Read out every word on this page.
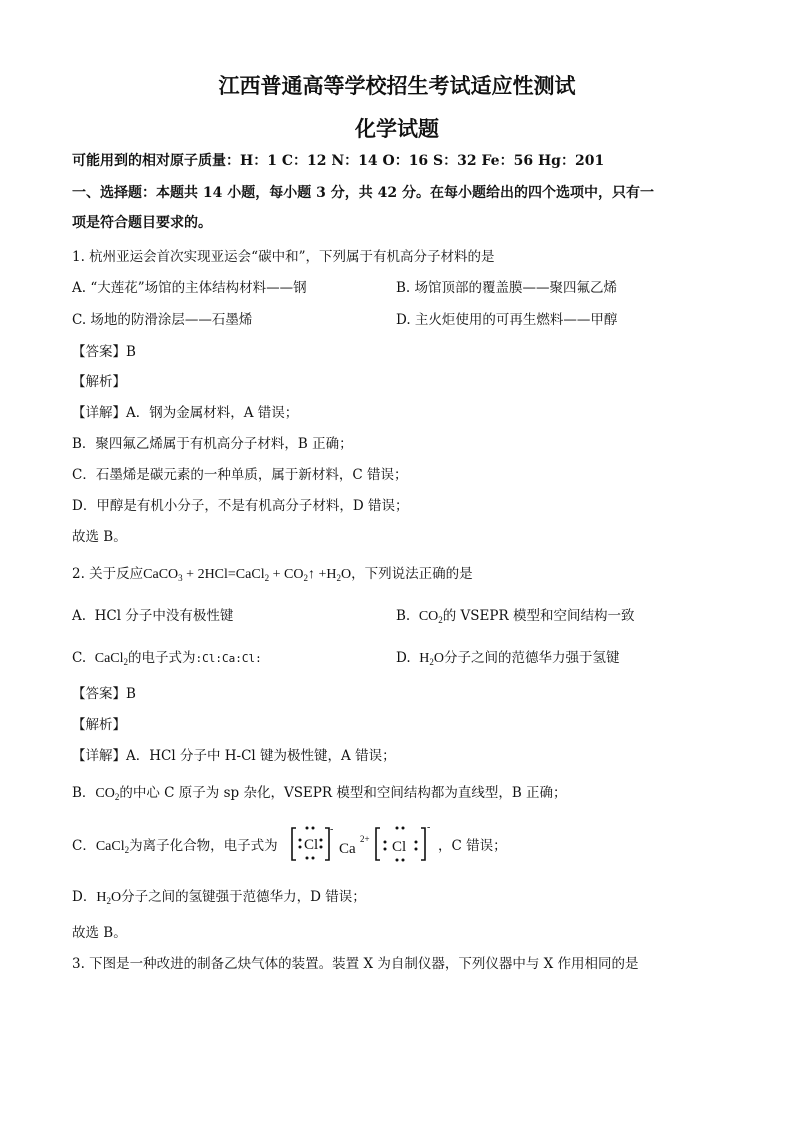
江西普通高等学校招生考试适应性测试
化学试题
可能用到的相对原子质量：H：1 C：12 N：14 O：16 S：32 Fe：56 Hg：201
一、选择题：本题共 14 小题，每小题 3 分，共 42 分。在每小题给出的四个选项中，只有一
项是符合题目要求的。
1. 杭州亚运会首次实现亚运会“碳中和”，下列属于有机高分子材料的是
A. “大莲花”场馆的主体结构材料——钢	B. 场馆顶部的覆盖膜——聚四氟乙烯
C. 场地的防滑涂层——石墨烯	D. 主火炬使用的可再生燃料——甲醇
【答案】B
【解析】
【详解】A．钢为金属材料，A 错误；
B．聚四氟乙烯属于有机高分子材料，B 正确；
C．石墨烯是碳元素的一种单质，属于新材料，C 错误；
D．甲醇是有机小分子，不是有机高分子材料，D 错误；
故选 B。
2. 关于反应CaCO$_3$ + 2HCl=CaCl$_2$ + $CO_2↑ +H_2O$，下列说法正确的是
A. HCl 分子中没有极性键	B. $CO_2$的 VSEPR 模型和空间结构一致
C. CaCl$_2$的电子式为:Cl:Ca:Cl:	D. $H_2O$分子之间的范德华力强于氢键
【答案】B
【解析】
【详解】A．HCl 分子中 H-Cl 键为极性键，A 错误；
B．$CO_2$的中心 C 原子为 sp 杂化，VSEPR 模型和空间结构都为直线型，B 正确；
C．CaCl$_2$为离子化合物，电子式为 Cl
-
Ca
2+ Cl
-
，C 错误；
D．$H_2O$分子之间的氢键强于范德华力，D 错误；
故选 B。
3. 下图是一种改进的制备乙炔气体的装置。装置 X 为自制仪器，下列仪器中与 X 作用相同的是
